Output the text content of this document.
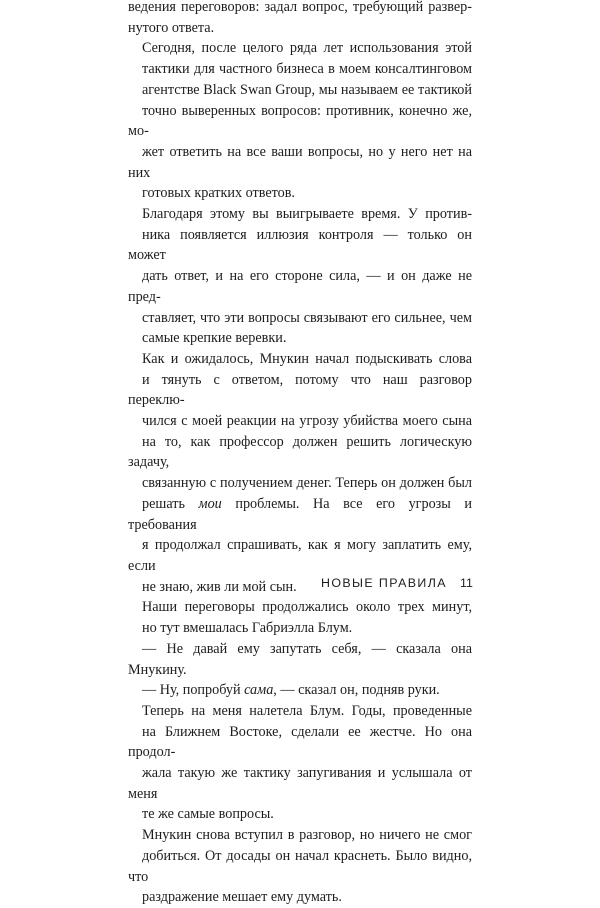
ведения переговоров: задал вопрос, требующий развер-
нутого ответа.

Сегодня, после целого ряда лет использования этой
тактики для частного бизнеса в моем консалтинговом
агентстве Black Swan Group, мы называем ее тактикой
точно выверенных вопросов: противник, конечно же, мо-
жет ответить на все ваши вопросы, но у него нет на них
готовых кратких ответов.

Благодаря этому вы выигрываете время. У против-
ника появляется иллюзия контроля — только он может
дать ответ, и на его стороне сила, — и он даже не пред-
ставляет, что эти вопросы связывают его сильнее, чем
самые крепкие веревки.

Как и ожидалось, Мнукин начал подыскивать слова
и тянуть с ответом, потому что наш разговор переклю-
чился с моей реакции на угрозу убийства моего сына
на то, как профессор должен решить логическую задачу,
связанную с получением денег. Теперь он должен был
решать мои проблемы. На все его угрозы и требования
я продолжал спрашивать, как я могу заплатить ему, если
не знаю, жив ли мой сын.

Наши переговоры продолжались около трех минут,
но тут вмешалась Габриэлла Блум.

— Не давай ему запутать себя, — сказала она Мнукину.

— Ну, попробуй сама, — сказал он, подняв руки.

Теперь на меня налетела Блум. Годы, проведенные
на Ближнем Востоке, сделали ее жестче. Но она продол-
жала такую же тактику запугивания и услышала от меня
те же самые вопросы.

Мнукин снова вступил в разговор, но ничего не смог
добиться. От досады он начал краснеть. Было видно, что
раздражение мешает ему думать.

НОВЫЕ ПРАВИЛА 11
